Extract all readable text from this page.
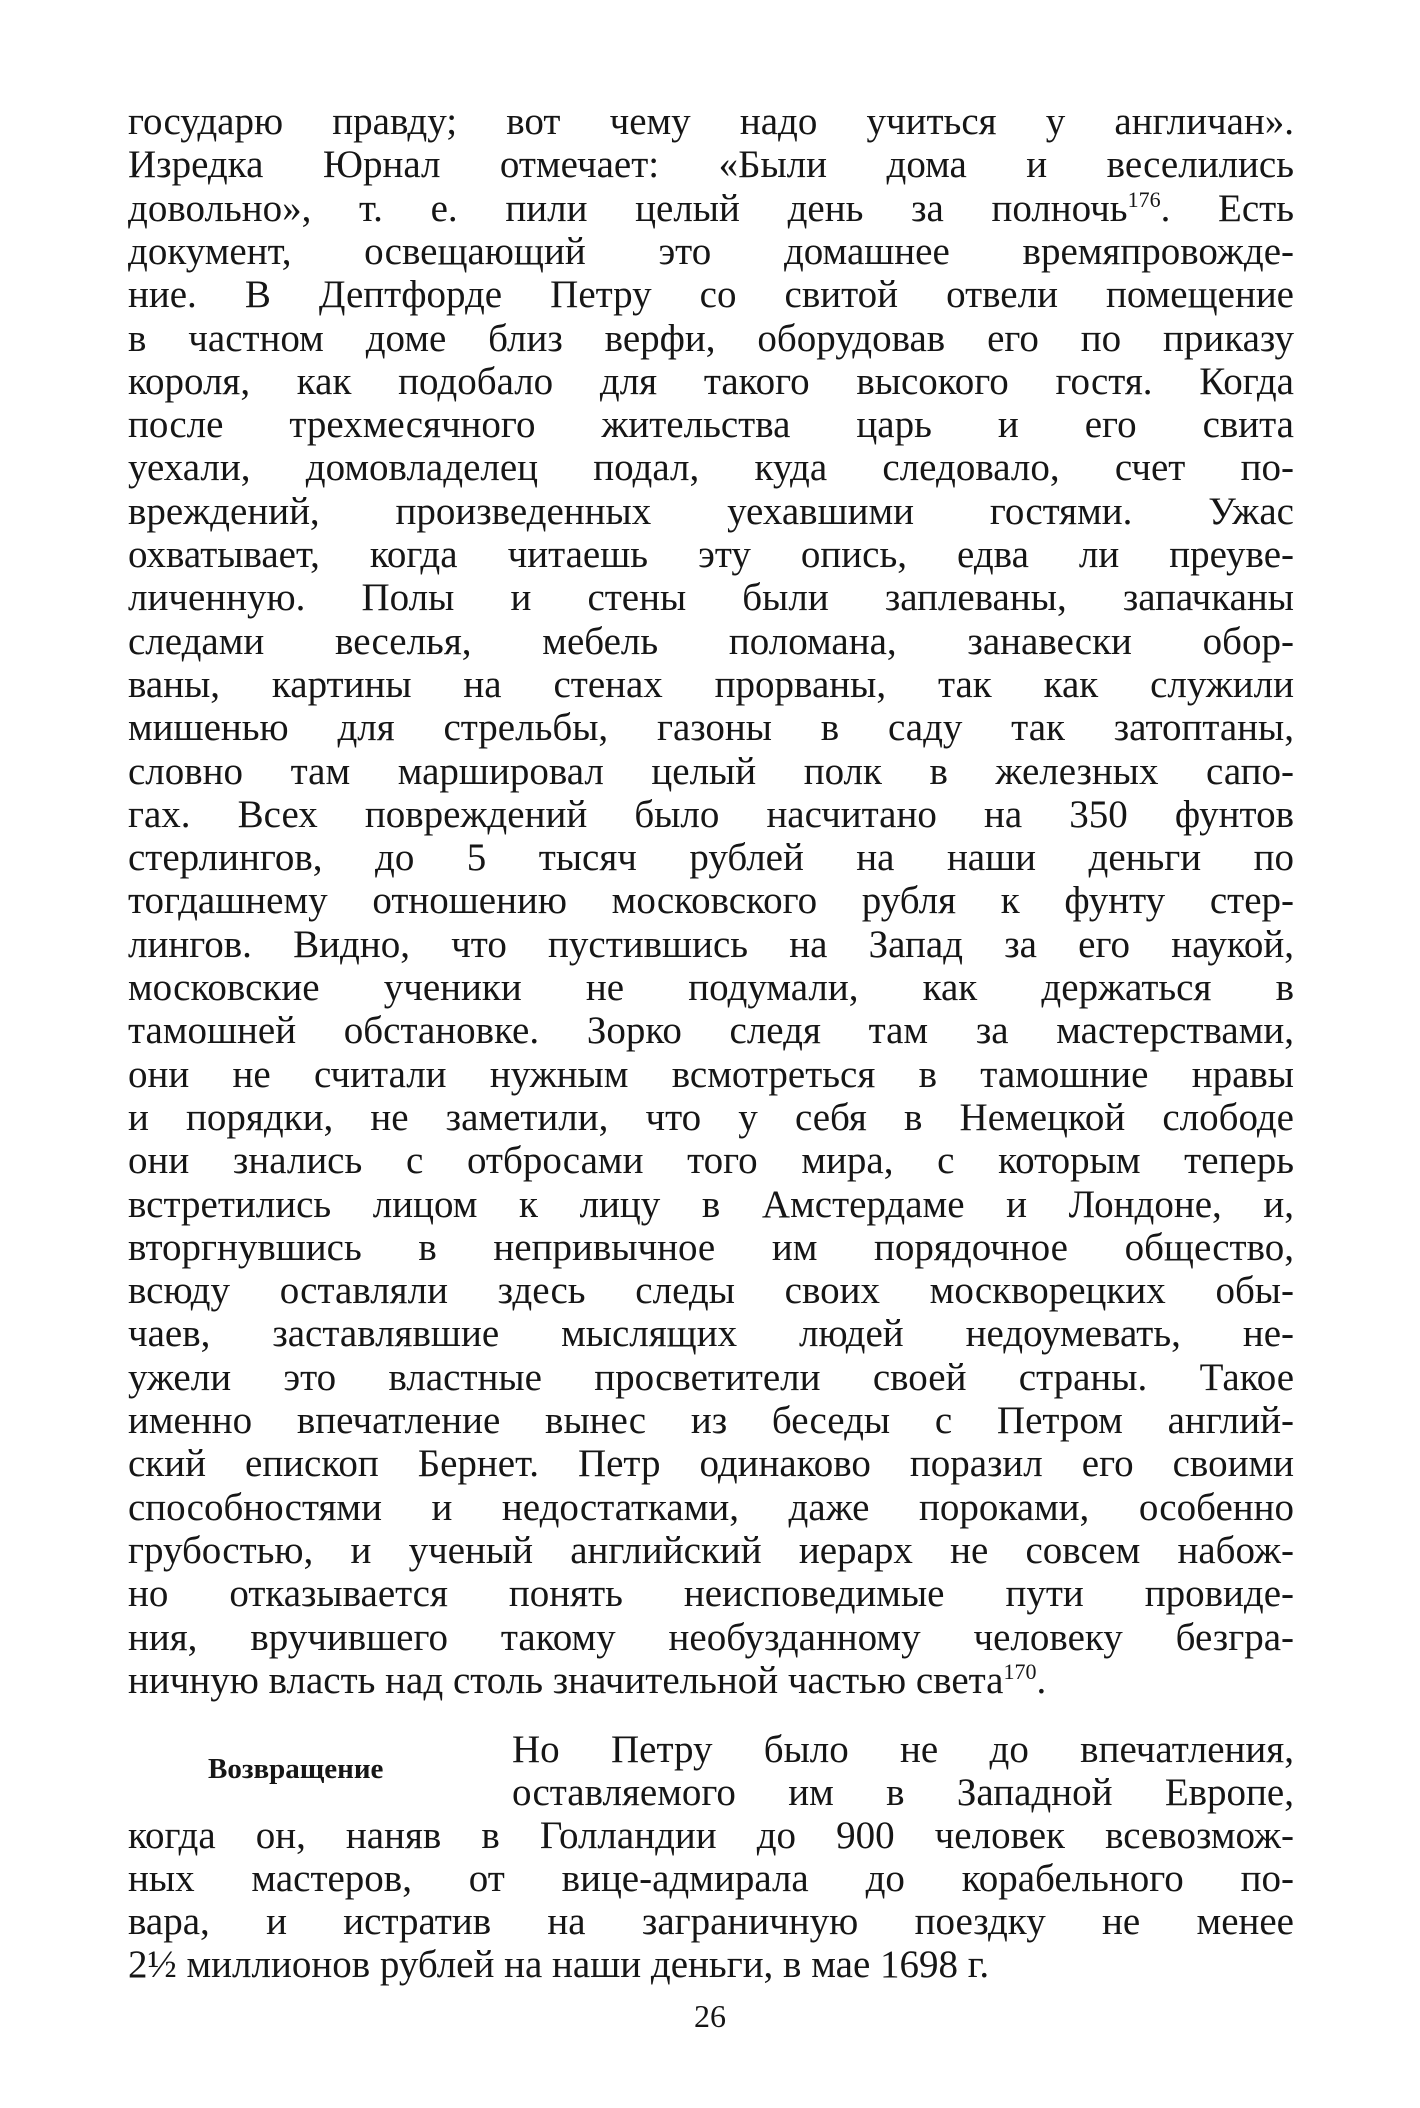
государю правду; вот чему надо учиться у англичан».
Изредка Юрнал отмечает: «Были дома и веселились
довольно», т. е. пили целый день за полночь$^{176}$. Есть
документ, освещающий это домашнее времяпровожде-
ние. В Дептфорде Петру со свитой отвели помещение
в частном доме близ верфи, оборудовав его по приказу
короля, как подобало для такого высокого гостя. Когда
после трехмесячного жительства царь и его свита
уехали, домовладелец подал, куда следовало, счет по-
вреждений, произведенных уехавшими гостями. Ужас
охватывает, когда читаешь эту опись, едва ли преуве-
личенную. Полы и стены были заплеваны, запачканы
следами веселья, мебель поломана, занавески обор-
ваны, картины на стенах прорваны, так как служили
мишенью для стрельбы, газоны в саду так затоптаны,
словно там маршировал целый полк в железных сапо-
гах. Всех повреждений было насчитано на 350 фунтов
стерлингов, до 5 тысяч рублей на наши деньги по
тогдашнему отношению московского рубля к фунту стер-
лингов. Видно, что пустившись на Запад за его наукой,
московские ученики не подумали, как держаться в
тамошней обстановке. Зорко следя там за мастерствами,
они не считали нужным всмотреться в тамошние нравы
и порядки, не заметили, что у себя в Немецкой слободе
они знались с отбросами того мира, с которым теперь
встретились лицом к лицу в Амстердаме и Лондоне, и,
вторгнувшись в непривычное им порядочное общество,
всюду оставляли здесь следы своих москворецких обы-
чаев, заставлявшие мыслящих людей недоумевать, не-
ужели это властные просветители своей страны. Такое
именно впечатление вынес из беседы с Петром англий-
ский епископ Бернет. Петр одинаково поразил его своими
способностями и недостатками, даже пороками, особенно
грубостью, и ученый английский иерарх не совсем набож-
но отказывается понять неисповедимые пути провиде-
ния, вручившего такому необузданному человеку безгра-
ничную власть над столь значительной частью света$^{170}$.
Но Петру было не до впечатления,
оставляемого им в Западной Европе,
когда он, наняв в Голландии до 900 человек всевозмож-
ных мастеров, от вице-адмирала до корабельного по-
вара, и истратив на заграничную поездку не менее
2½ миллионов рублей на наши деньги, в мае 1698 г.
Возвращение
26
